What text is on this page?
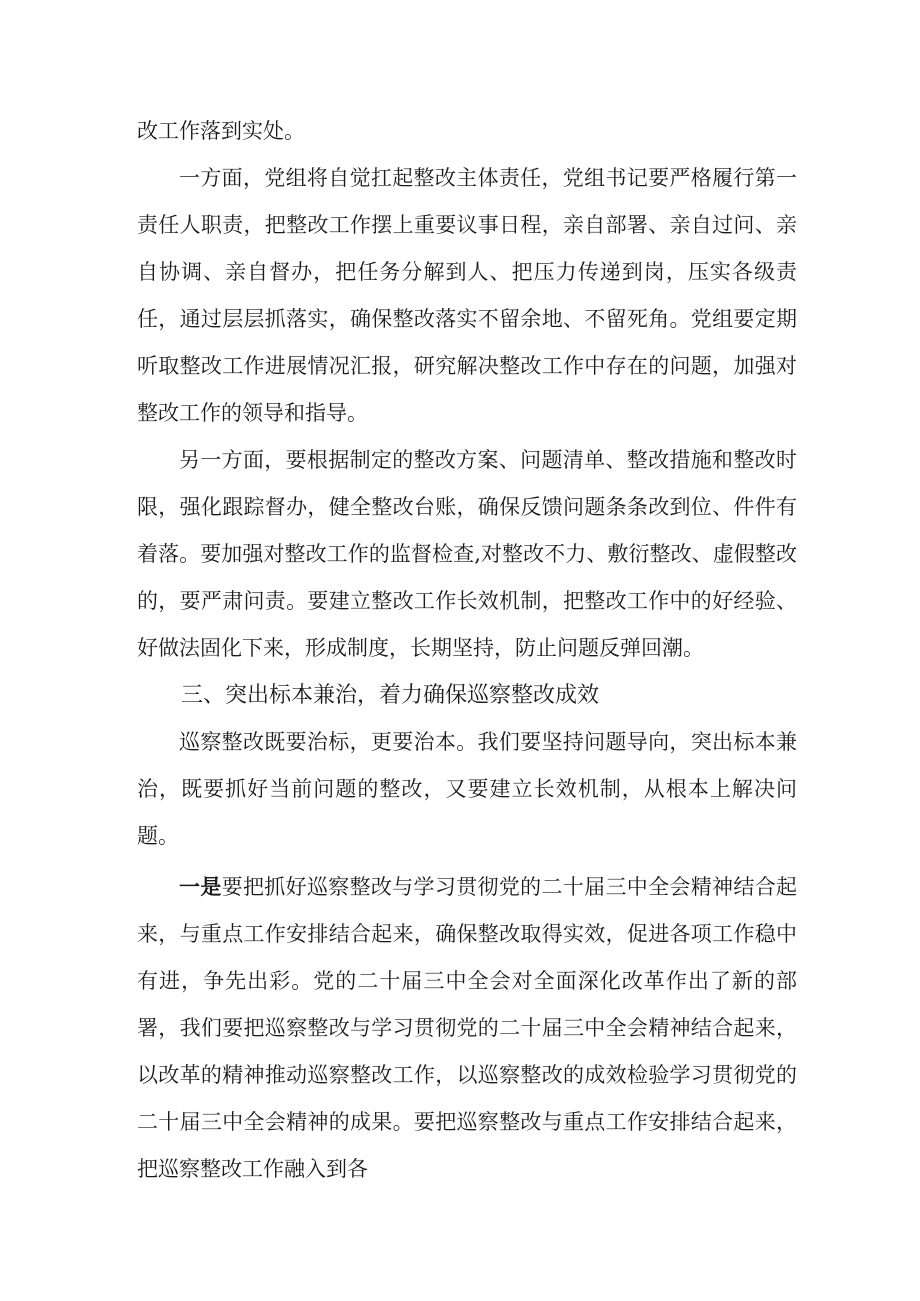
改工作落到实处。

一方面，党组将自觉扛起整改主体责任，党组书记要严格履行第一责任人职责，把整改工作摆上重要议事日程，亲自部署、亲自过问、亲自协调、亲自督办，把任务分解到人、把压力传递到岗，压实各级责任，通过层层抓落实，确保整改落实不留余地、不留死角。党组要定期听取整改工作进展情况汇报，研究解决整改工作中存在的问题，加强对整改工作的领导和指导。

另一方面，要根据制定的整改方案、问题清单、整改措施和整改时限，强化跟踪督办，健全整改台账，确保反馈问题条条改到位、件件有着落。要加强对整改工作的监督检查,对整改不力、敷衍整改、虚假整改的，要严肃问责。要建立整改工作长效机制，把整改工作中的好经验、好做法固化下来，形成制度，长期坚持，防止问题反弹回潮。

三、突出标本兼治，着力确保巡察整改成效

巡察整改既要治标，更要治本。我们要坚持问题导向，突出标本兼治，既要抓好当前问题的整改，又要建立长效机制，从根本上解决问题。

一是要把抓好巡察整改与学习贯彻党的二十届三中全会精神结合起来，与重点工作安排结合起来，确保整改取得实效，促进各项工作稳中有进，争先出彩。党的二十届三中全会对全面深化改革作出了新的部署，我们要把巡察整改与学习贯彻党的二十届三中全会精神结合起来，以改革的精神推动巡察整改工作，以巡察整改的成效检验学习贯彻党的二十届三中全会精神的成果。要把巡察整改与重点工作安排结合起来，把巡察整改工作融入到各
